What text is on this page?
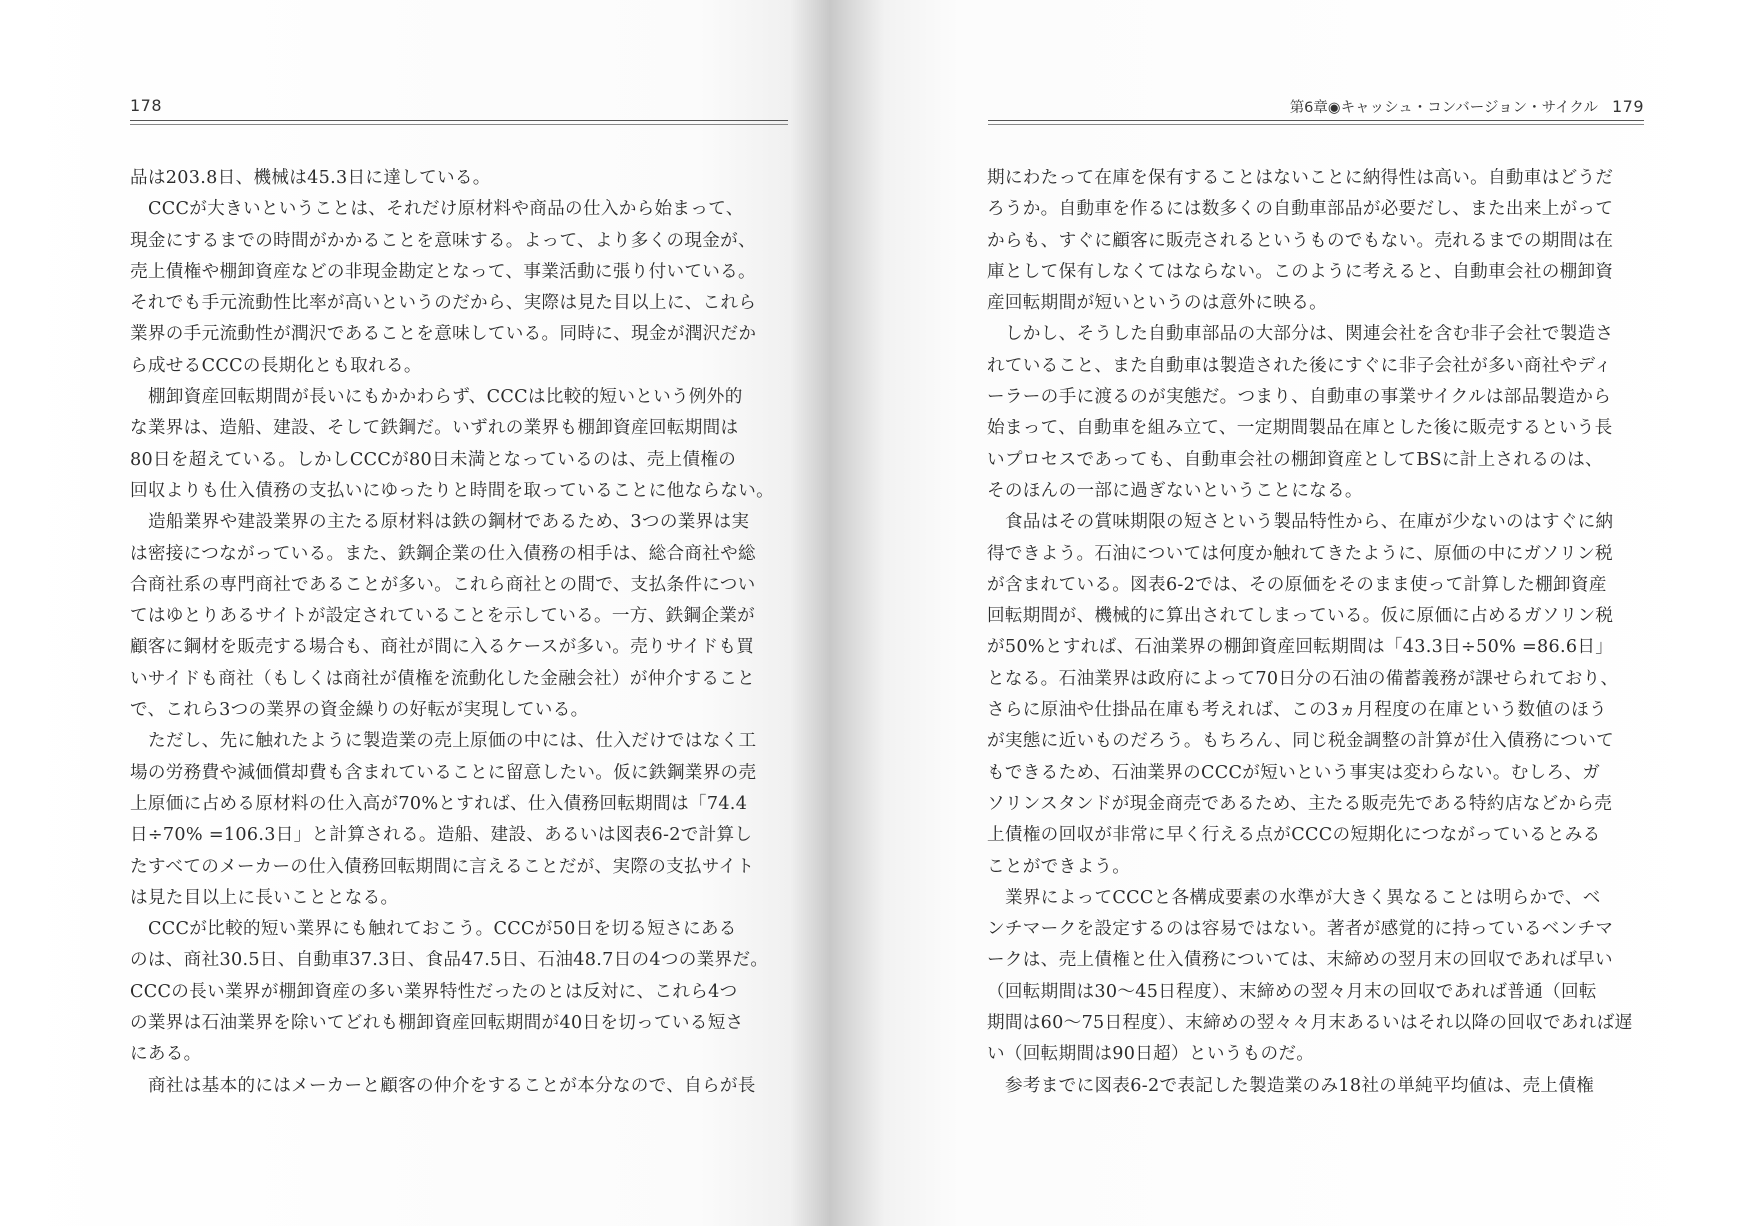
178
品は203.8日、機械は45.3日に達している。
CCCが大きいということは、それだけ原材料や商品の仕入から始まって、
現金にするまでの時間がかかることを意味する。よって、より多くの現金が、
売上債権や棚卸資産などの非現金勘定となって、事業活動に張り付いている。
それでも手元流動性比率が高いというのだから、実際は見た目以上に、これら
業界の手元流動性が潤沢であることを意味している。同時に、現金が潤沢だか
ら成せるCCCの長期化とも取れる。
棚卸資産回転期間が長いにもかかわらず、CCCは比較的短いという例外的
な業界は、造船、建設、そして鉄鋼だ。いずれの業界も棚卸資産回転期間は
80日を超えている。しかしCCCが80日未満となっているのは、売上債権の
回収よりも仕入債務の支払いにゆったりと時間を取っていることに他ならない。
造船業界や建設業界の主たる原材料は鉄の鋼材であるため、3つの業界は実
は密接につながっている。また、鉄鋼企業の仕入債務の相手は、総合商社や総
合商社系の専門商社であることが多い。これら商社との間で、支払条件につい
てはゆとりあるサイトが設定されていることを示している。一方、鉄鋼企業が
顧客に鋼材を販売する場合も、商社が間に入るケースが多い。売りサイドも買
いサイドも商社（もしくは商社が債権を流動化した金融会社）が仲介すること
で、これら3つの業界の資金繰りの好転が実現している。
ただし、先に触れたように製造業の売上原価の中には、仕入だけではなく工
場の労務費や減価償却費も含まれていることに留意したい。仮に鉄鋼業界の売
上原価に占める原材料の仕入高が70%とすれば、仕入債務回転期間は「74.4
日÷70% =106.3日」と計算される。造船、建設、あるいは図表6-2で計算し
たすべてのメーカーの仕入債務回転期間に言えることだが、実際の支払サイト
は見た目以上に長いこととなる。
CCCが比較的短い業界にも触れておこう。CCCが50日を切る短さにある
のは、商社30.5日、自動車37.3日、食品47.5日、石油48.7日の4つの業界だ。
CCCの長い業界が棚卸資産の多い業界特性だったのとは反対に、これら4つ
の業界は石油業界を除いてどれも棚卸資産回転期間が40日を切っている短さ
にある。
商社は基本的にはメーカーと顧客の仲介をすることが本分なので、自らが長
第6章◉キャッシュ・コンバージョン・サイクル 179
期にわたって在庫を保有することはないことに納得性は高い。自動車はどうだ
ろうか。自動車を作るには数多くの自動車部品が必要だし、また出来上がって
からも、すぐに顧客に販売されるというものでもない。売れるまでの期間は在
庫として保有しなくてはならない。このように考えると、自動車会社の棚卸資
産回転期間が短いというのは意外に映る。
しかし、そうした自動車部品の大部分は、関連会社を含む非子会社で製造さ
れていること、また自動車は製造された後にすぐに非子会社が多い商社やディ
ーラーの手に渡るのが実態だ。つまり、自動車の事業サイクルは部品製造から
始まって、自動車を組み立て、一定期間製品在庫とした後に販売するという長
いプロセスであっても、自動車会社の棚卸資産としてBSに計上されるのは、
そのほんの一部に過ぎないということになる。
食品はその賞味期限の短さという製品特性から、在庫が少ないのはすぐに納
得できよう。石油については何度か触れてきたように、原価の中にガソリン税
が含まれている。図表6-2では、その原価をそのまま使って計算した棚卸資産
回転期間が、機械的に算出されてしまっている。仮に原価に占めるガソリン税
が50%とすれば、石油業界の棚卸資産回転期間は「43.3日÷50% =86.6日」
となる。石油業界は政府によって70日分の石油の備蓄義務が課せられており、
さらに原油や仕掛品在庫も考えれば、この3ヵ月程度の在庫という数値のほう
が実態に近いものだろう。もちろん、同じ税金調整の計算が仕入債務について
もできるため、石油業界のCCCが短いという事実は変わらない。むしろ、ガ
ソリンスタンドが現金商売であるため、主たる販売先である特約店などから売
上債権の回収が非常に早く行える点がCCCの短期化につながっているとみる
ことができよう。
業界によってCCCと各構成要素の水準が大きく異なることは明らかで、ベ
ンチマークを設定するのは容易ではない。著者が感覚的に持っているベンチマ
ークは、売上債権と仕入債務については、末締めの翌月末の回収であれば早い
（回転期間は30～45日程度）、末締めの翌々月末の回収であれば普通（回転
期間は60～75日程度）、末締めの翌々々月末あるいはそれ以降の回収であれば遅
い（回転期間は90日超）というものだ。
参考までに図表6-2で表記した製造業のみ18社の単純平均値は、売上債権
